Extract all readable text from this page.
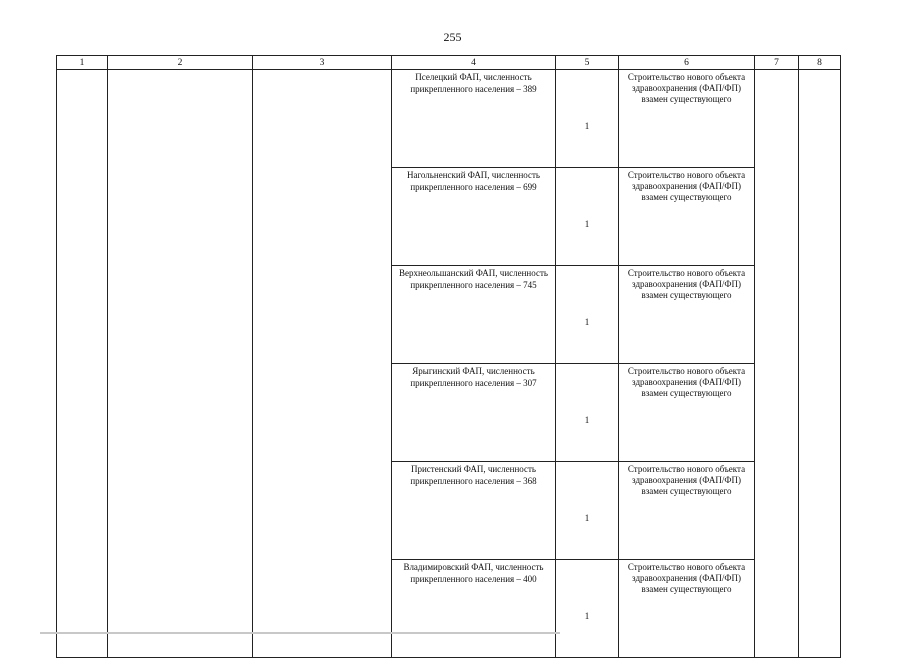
255
1	2	3	4	5	6	7	8
			Пселецкий ФАП, численность прикрепленного населения – 389	1	Строительство нового объекта здравоохранения (ФАП/ФП) взамен существующего		
			Нагольненский ФАП, численность прикрепленного населения – 699	1	Строительство нового объекта здравоохранения (ФАП/ФП) взамен существующего		
			Верхнеольшанский ФАП, численность прикрепленного населения – 745	1	Строительство нового объекта здравоохранения (ФАП/ФП) взамен существующего		
			Ярыгинский ФАП, численность прикрепленного населения – 307	1	Строительство нового объекта здравоохранения (ФАП/ФП) взамен существующего		
			Пристенский ФАП, численность прикрепленного населения – 368	1	Строительство нового объекта здравоохранения (ФАП/ФП) взамен существующего		
			Владимировский ФАП, численность прикрепленного населения – 400	1	Строительство нового объекта здравоохранения (ФАП/ФП) взамен существующего		
